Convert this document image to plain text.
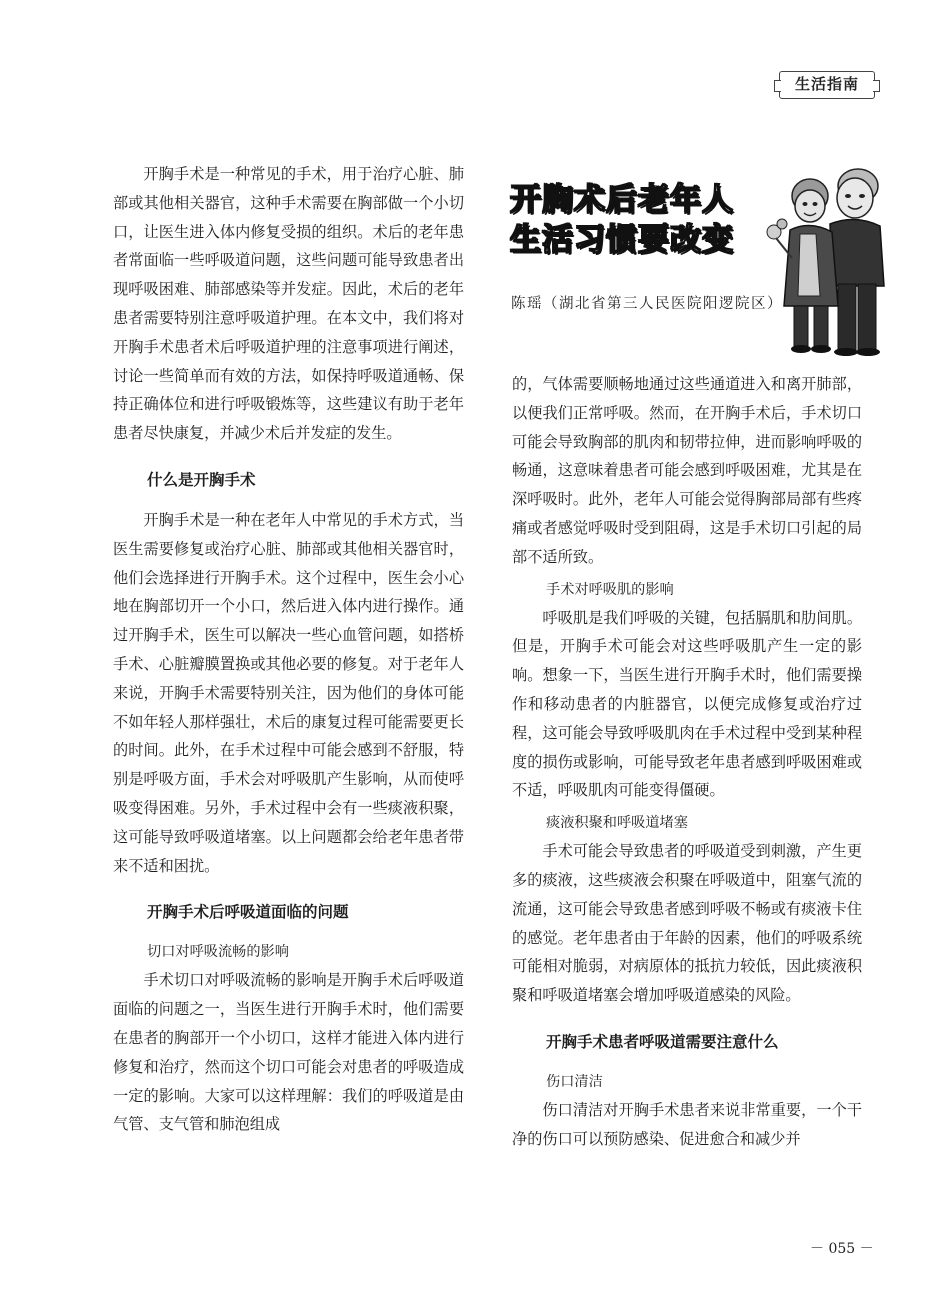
生活指南
开胸术后老年人
生活习惯要改变
陈瑶（湖北省第三人民医院阳逻院区）

开胸手术是一种常见的手术，用于治疗心脏、肺部或其他相关器官，这种手术需要在胸部做一个小切口，让医生进入体内修复受损的组织。术后的老年患者常面临一些呼吸道问题，这些问题可能导致患者出现呼吸困难、肺部感染等并发症。因此，术后的老年患者需要特别注意呼吸道护理。在本文中，我们将对开胸手术患者术后呼吸道护理的注意事项进行阐述，讨论一些简单而有效的方法，如保持呼吸道通畅、保持正确体位和进行呼吸锻炼等，这些建议有助于老年患者尽快康复，并减少术后并发症的发生。

什么是开胸手术

开胸手术是一种在老年人中常见的手术方式，当医生需要修复或治疗心脏、肺部或其他相关器官时，他们会选择进行开胸手术。这个过程中，医生会小心地在胸部切开一个小口，然后进入体内进行操作。通过开胸手术，医生可以解决一些心血管问题，如搭桥手术、心脏瓣膜置换或其他必要的修复。对于老年人来说，开胸手术需要特别关注，因为他们的身体可能不如年轻人那样强壮，术后的康复过程可能需要更长的时间。此外，在手术过程中可能会感到不舒服，特别是呼吸方面，手术会对呼吸肌产生影响，从而使呼吸变得困难。另外，手术过程中会有一些痰液积聚，这可能导致呼吸道堵塞。以上问题都会给老年患者带来不适和困扰。

开胸手术后呼吸道面临的问题
切口对呼吸流畅的影响

手术切口对呼吸流畅的影响是开胸手术后呼吸道面临的问题之一，当医生进行开胸手术时，他们需要在患者的胸部开一个小切口，这样才能进入体内进行修复和治疗，然而这个切口可能会对患者的呼吸造成一定的影响。大家可以这样理解：我们的呼吸道是由气管、支气管和肺泡组成

的，气体需要顺畅地通过这些通道进入和离开肺部，以便我们正常呼吸。然而，在开胸手术后，手术切口可能会导致胸部的肌肉和韧带拉伸，进而影响呼吸的畅通，这意味着患者可能会感到呼吸困难，尤其是在深呼吸时。此外，老年人可能会觉得胸部局部有些疼痛或者感觉呼吸时受到阻碍，这是手术切口引起的局部不适所致。

手术对呼吸肌的影响

呼吸肌是我们呼吸的关键，包括膈肌和肋间肌。但是，开胸手术可能会对这些呼吸肌产生一定的影响。想象一下，当医生进行开胸手术时，他们需要操作和移动患者的内脏器官，以便完成修复或治疗过程，这可能会导致呼吸肌肉在手术过程中受到某种程度的损伤或影响，可能导致老年患者感到呼吸困难或不适，呼吸肌肉可能变得僵硬。

痰液积聚和呼吸道堵塞

手术可能会导致患者的呼吸道受到刺激，产生更多的痰液，这些痰液会积聚在呼吸道中，阻塞气流的流通，这可能会导致患者感到呼吸不畅或有痰液卡住的感觉。老年患者由于年龄的因素，他们的呼吸系统可能相对脆弱，对病原体的抵抗力较低，因此痰液积聚和呼吸道堵塞会增加呼吸道感染的风险。

开胸手术患者呼吸道需要注意什么
伤口清洁

伤口清洁对开胸手术患者来说非常重要，一个干净的伤口可以预防感染、促进愈合和减少并

－ 055 －
